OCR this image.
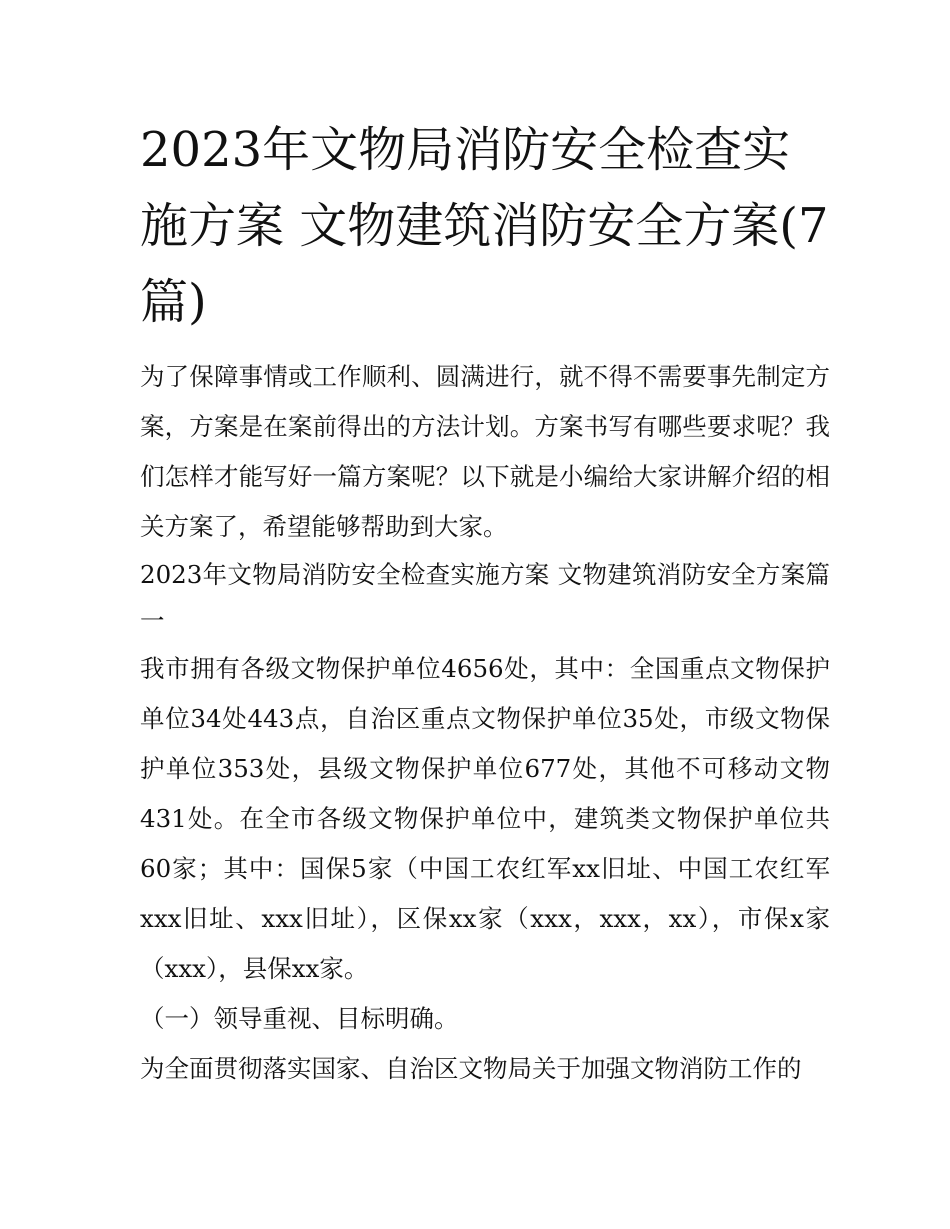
2023年文物局消防安全检查实施方案 文物建筑消防安全方案(7篇)

为了保障事情或工作顺利、圆满进行，就不得不需要事先制定方案，方案是在案前得出的方法计划。方案书写有哪些要求呢？我们怎样才能写好一篇方案呢？以下就是小编给大家讲解介绍的相关方案了，希望能够帮助到大家。

2023年文物局消防安全检查实施方案 文物建筑消防安全方案篇一

我市拥有各级文物保护单位4656处，其中：全国重点文物保护单位34处443点，自治区重点文物保护单位35处，市级文物保护单位353处，县级文物保护单位677处，其他不可移动文物431处。在全市各级文物保护单位中，建筑类文物保护单位共60家；其中：国保5家（中国工农红军xx旧址、中国工农红军xxx旧址、xxx旧址），区保xx家（xxx，xxx，xx），市保x家（xxx），县保xx家。

（一）领导重视、目标明确。

为全面贯彻落实国家、自治区文物局关于加强文物消防工作的
